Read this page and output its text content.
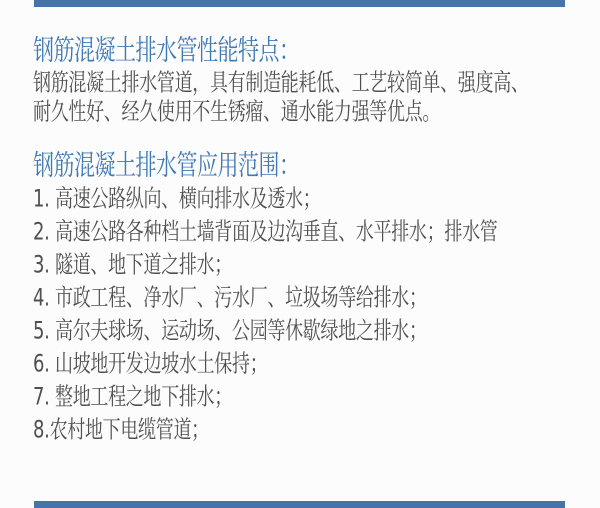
钢筋混凝土排水管性能特点：
钢筋混凝土排水管道，具有制造能耗低、工艺较简单、强度高、
耐久性好、经久使用不生锈瘤、通水能力强等优点。
钢筋混凝土排水管应用范围：
1. 高速公路纵向、横向排水及透水；
2. 高速公路各种档土墙背面及边沟垂直、水平排水；排水管
3. 隧道、地下道之排水；
4. 市政工程、净水厂、污水厂、垃圾场等给排水；
5. 高尔夫球场、运动场、公园等休歇绿地之排水；
6. 山坡地开发边坡水土保持；
7. 整地工程之地下排水；
8.农村地下电缆管道；
